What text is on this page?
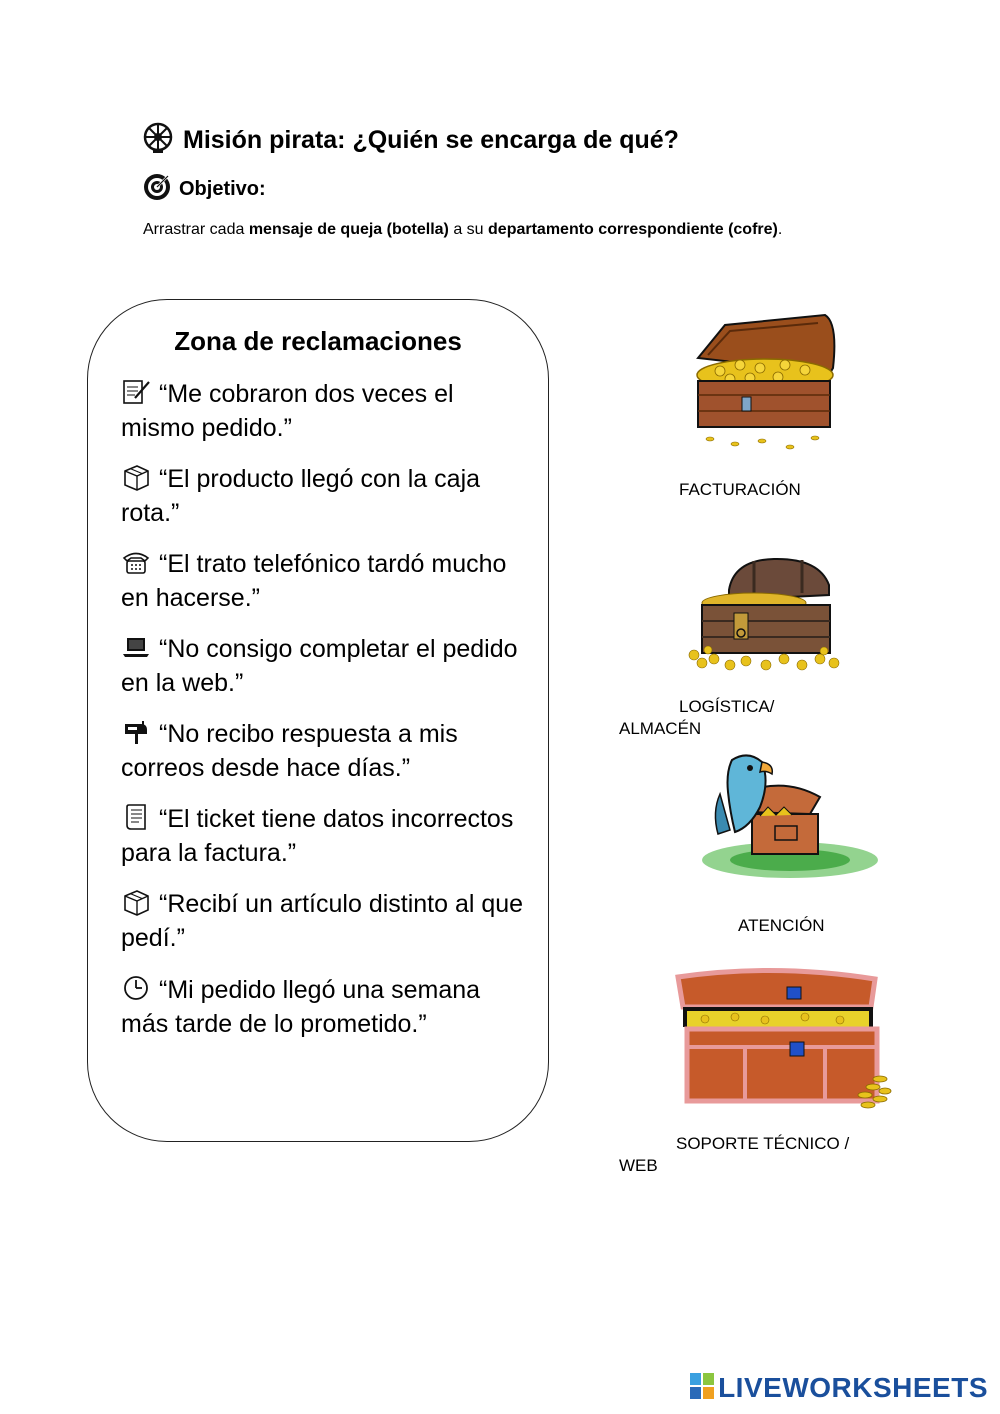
Misión pirata: ¿Quién se encarga de qué?
Objetivo:
Arrastrar cada mensaje de queja (botella) a su departamento correspondiente (cofre).
Zona de reclamaciones
“Me cobraron dos veces el mismo pedido.”
“El producto llegó con la caja rota.”
“El trato telefónico tardó mucho en hacerse.”
“No consigo completar el pedido en la web.”
“No recibo respuesta a mis correos desde hace días.”
“El ticket tiene datos incorrectos para la factura.”
“Recibí un artículo distinto al que pedí.”
“Mi pedido llegó una semana más tarde de lo prometido.”
FACTURACIÓN
LOGÍSTICA/
ALMACÉN
ATENCIÓN
SOPORTE TÉCNICO /
WEB
LIVEWORKSHEETS
